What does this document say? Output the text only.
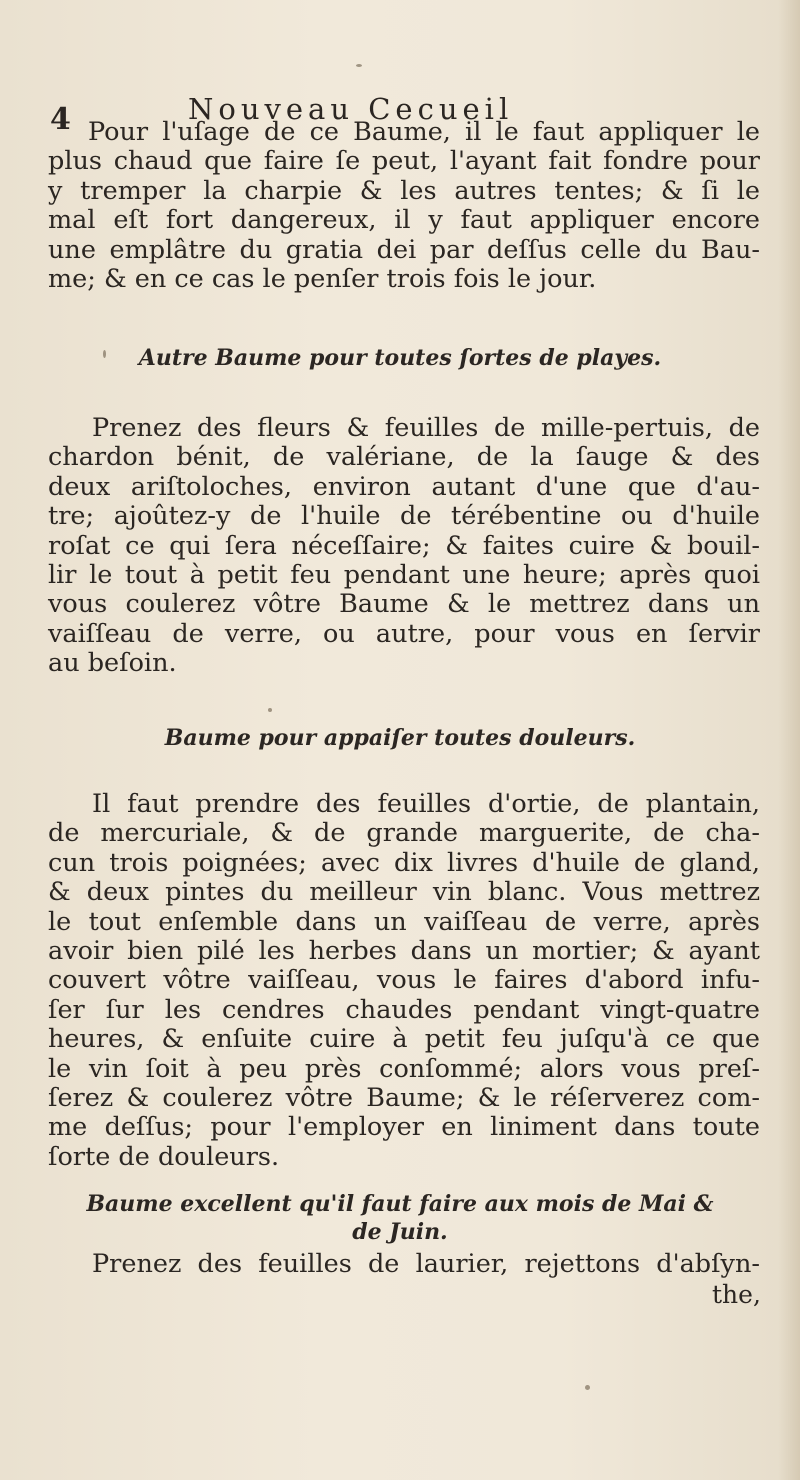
4	Nouveau Cecueil

Pour l'uſage de ce Baume, il le faut appliquer le
plus chaud que faire ſe peut, l'ayant fait fondre pour
y tremper la charpie & les autres tentes; & ſi le
mal eſt fort dangereux, il y faut appliquer encore
une emplâtre du gratia dei par deſſus celle du Bau-
me; & en ce cas le penſer trois fois le jour.

Autre Baume pour toutes ſortes de playes.

Prenez des fleurs & feuilles de mille-pertuis, de
chardon bénit, de valériane, de la ſauge & des
deux ariſtoloches, environ autant d'une que d'au-
tre; ajoûtez-y de l'huile de térébentine ou d'huile
roſat ce qui ſera néceſſaire; & faites cuire & bouil-
lir le tout à petit feu pendant une heure; après quoi
vous coulerez vôtre Baume & le mettrez dans un
vaiſſeau de verre, ou autre, pour vous en ſervir
au beſoin.

Baume pour appaiſer toutes douleurs.

Il faut prendre des feuilles d'ortie, de plantain,
de mercuriale, & de grande marguerite, de cha-
cun trois poignées; avec dix livres d'huile de gland,
& deux pintes du meilleur vin blanc. Vous mettrez
le tout enſemble dans un vaiſſeau de verre, après
avoir bien pilé les herbes dans un mortier; & ayant
couvert vôtre vaiſſeau, vous le faires d'abord infu-
ſer ſur les cendres chaudes pendant vingt-quatre
heures, & enſuite cuire à petit feu juſqu'à ce que
le vin ſoit à peu près conſommé; alors vous preſ-
ſerez & coulerez vôtre Baume; & le réſerverez com-
me deſſus; pour l'employer en liniment dans toute
ſorte de douleurs.

Baume excellent qu'il faut faire aux mois de Mai &
de Juin.

Prenez des feuilles de laurier, rejettons d'abſyn-

the,
